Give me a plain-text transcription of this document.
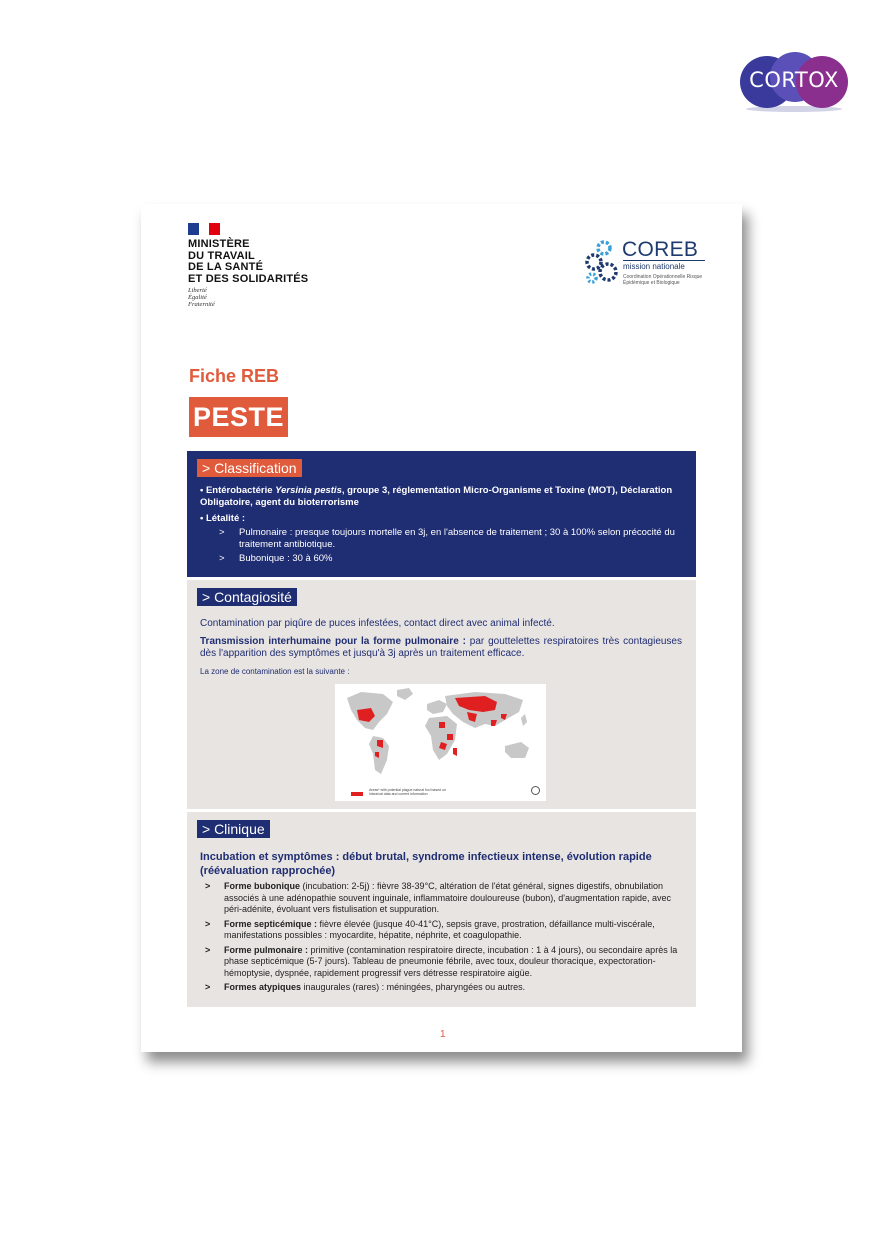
CORTOX
MINISTÈRE
DU TRAVAIL
DE LA SANTÉ
ET DES SOLIDARITÉS
Liberté
Égalité
Fraternité
COREB
mission nationale
Coordination Opérationnelle Risque Épidémique et Biologique
Fiche REB
PESTE
> Classification
• Entérobactérie Yersinia pestis, groupe 3, réglementation Micro-Organisme et Toxine (MOT), Déclaration Obligatoire, agent du bioterrorisme
• Létalité :
> Pulmonaire : presque toujours mortelle en 3j, en l'absence de traitement ; 30 à 100% selon précocité du traitement antibiotique.
> Bubonique : 30 à 60%
> Contagiosité

Contamination par piqûre de puces infestées, contact direct avec animal infecté.

Transmission interhumaine pour la forme pulmonaire : par gouttelettes respiratoires très contagieuses dès l'apparition des symptômes et jusqu'à 3j après un traitement efficace.

La zone de contamination est la suivante :

Areas* with potential plague natural foci based on historical data and current information
> Clinique
Incubation et symptômes : début brutal, syndrome infectieux intense, évolution rapide (réévaluation rapprochée)
> Forme bubonique (incubation: 2-5j) : fièvre 38-39°C, altération de l'état général, signes digestifs, obnubilation associés à une adénopathie souvent inguinale, inflammatoire douloureuse (bubon), d'augmentation rapide, avec péri-adénite, évoluant vers fistulisation et suppuration.
> Forme septicémique : fièvre élevée (jusque 40-41°C), sepsis grave, prostration, défaillance multi-viscérale, manifestations possibles : myocardite, hépatite, néphrite, et coagulopathie.
> Forme pulmonaire : primitive (contamination respiratoire directe, incubation : 1 à 4 jours), ou secondaire après la phase septicémique (5-7 jours). Tableau de pneumonie fébrile, avec toux, douleur thoracique, expectoration-hémoptysie, dyspnée, rapidement progressif vers détresse respiratoire aigüe.
> Formes atypiques inaugurales (rares) : méningées, pharyngées ou autres.
1
